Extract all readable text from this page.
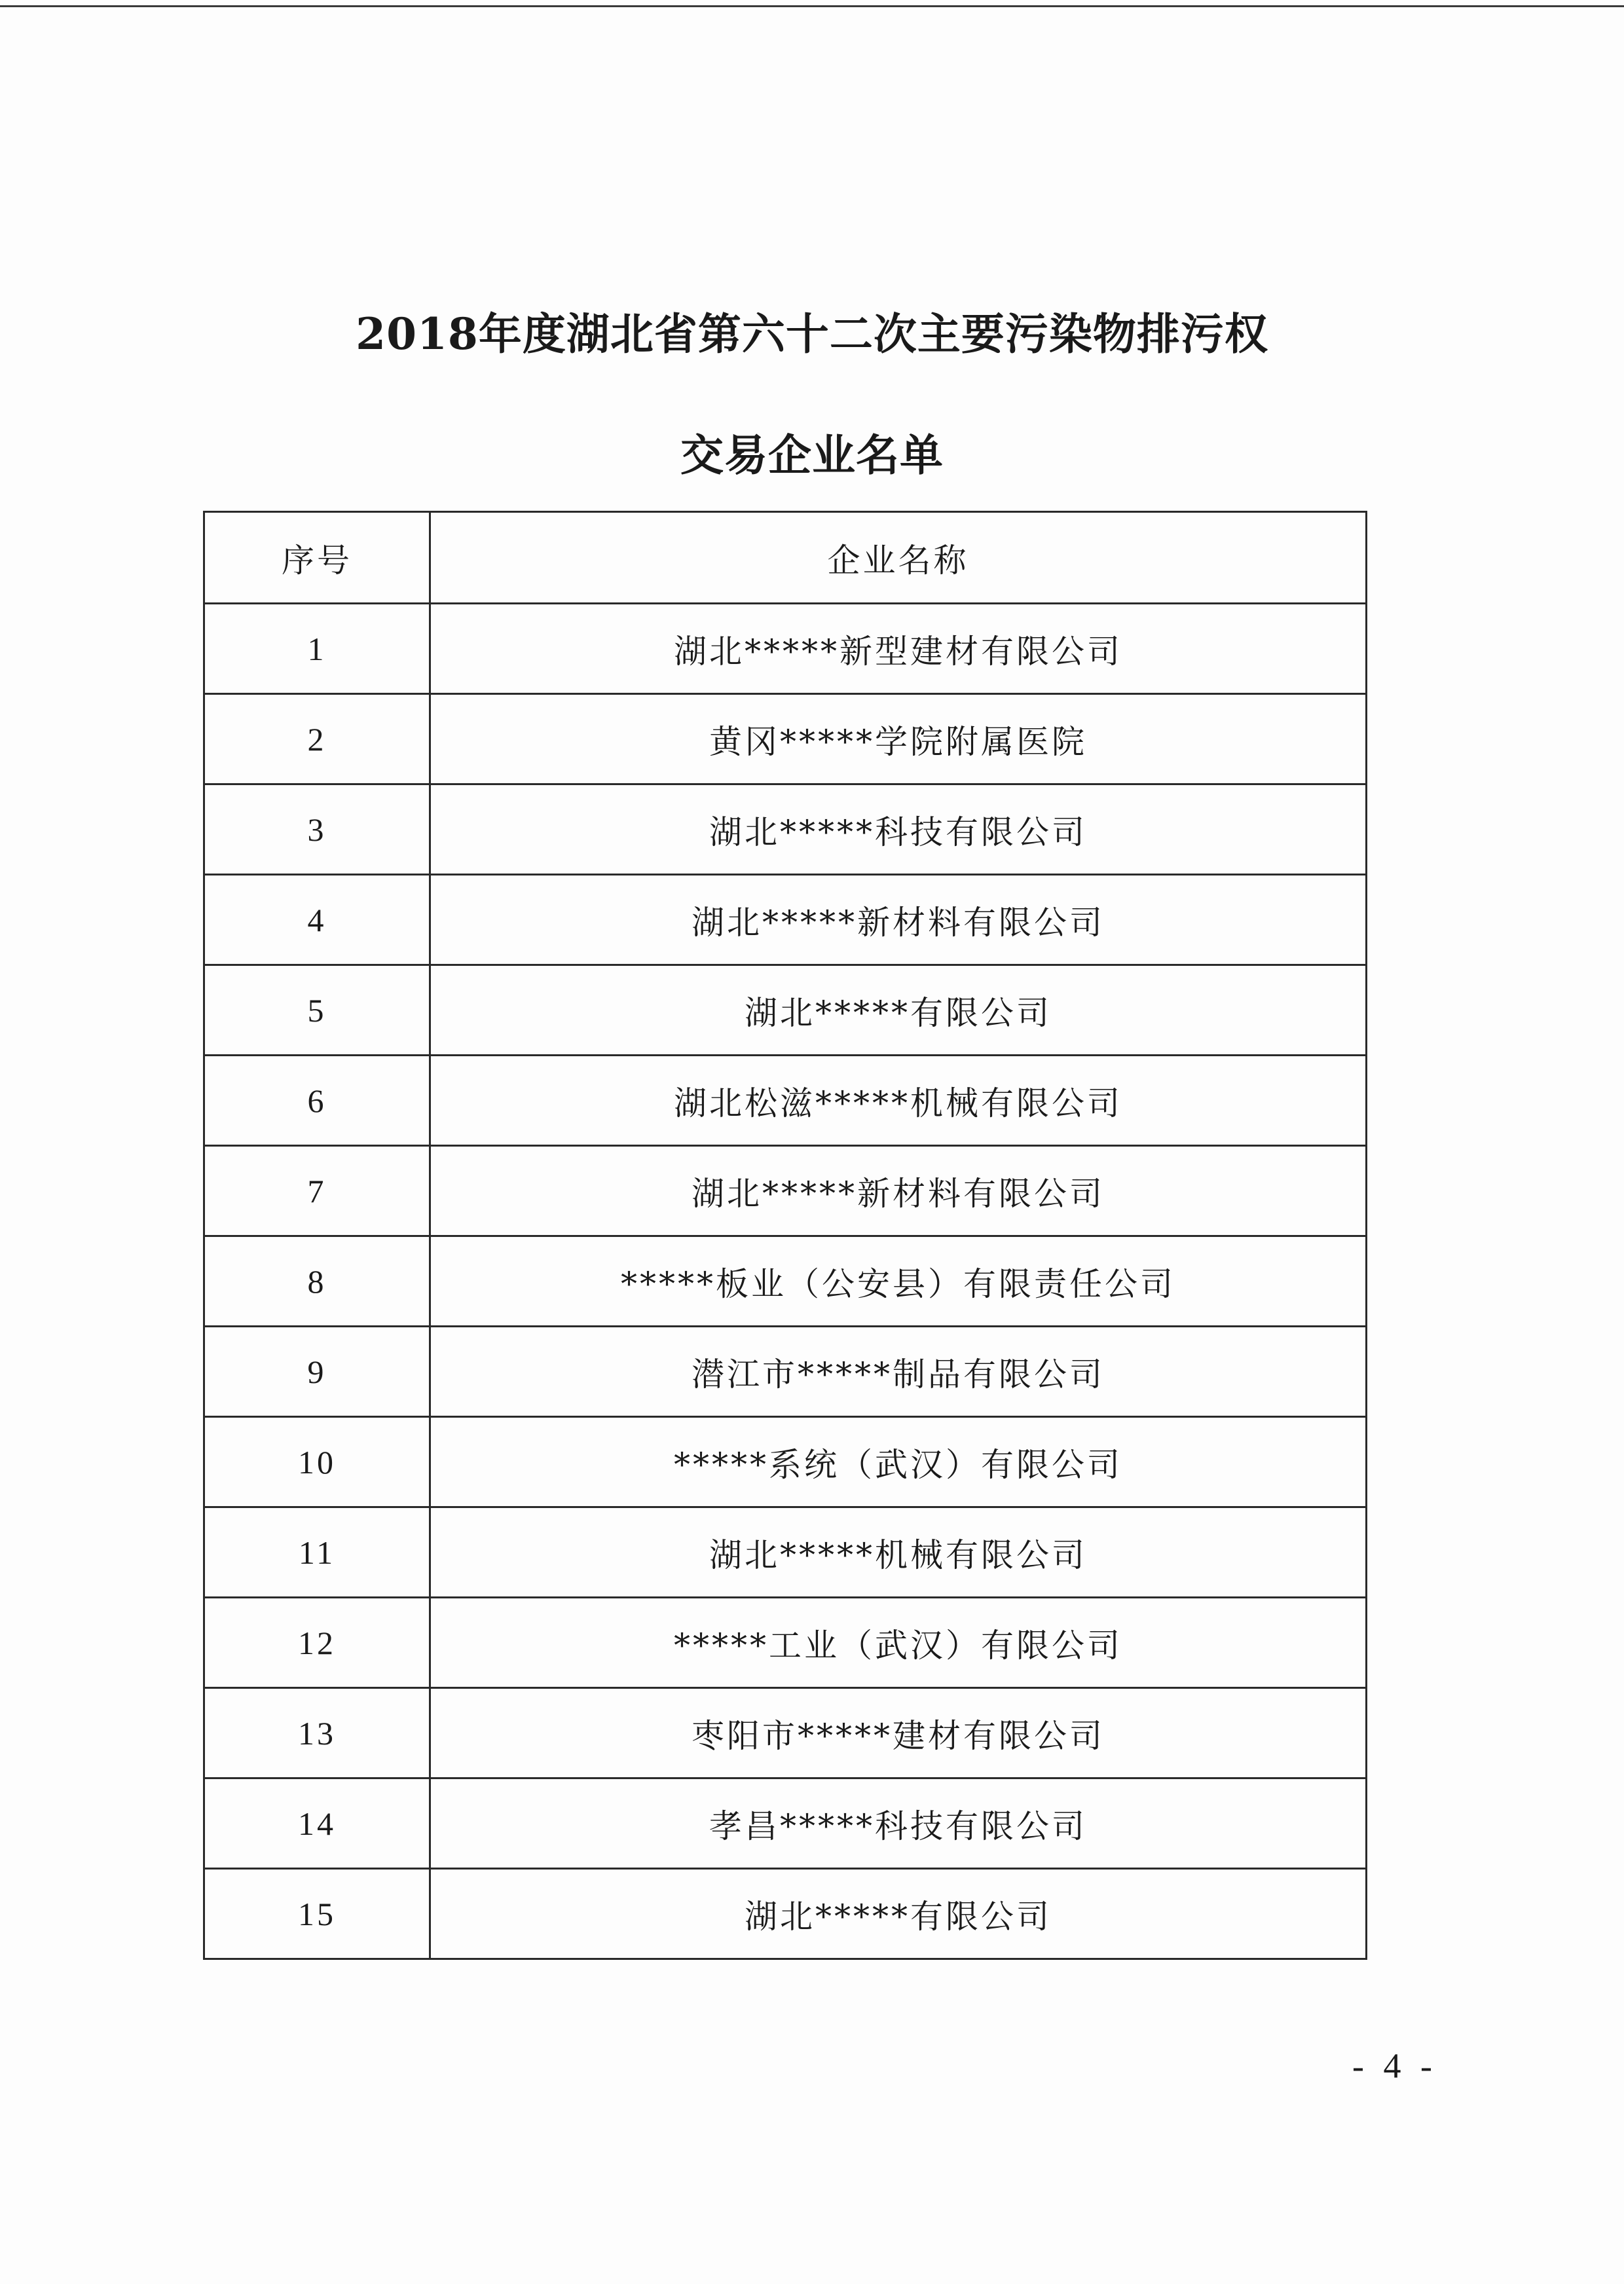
2018年度湖北省第六十二次主要污染物排污权
交易企业名单
序号	企业名称
1	湖北*****新型建材有限公司
2	黄冈*****学院附属医院
3	湖北*****科技有限公司
4	湖北*****新材料有限公司
5	湖北*****有限公司
6	湖北松滋*****机械有限公司
7	湖北*****新材料有限公司
8	*****板业（公安县）有限责任公司
9	潜江市*****制品有限公司
10	*****系统（武汉）有限公司
11	湖北*****机械有限公司
12	*****工业（武汉）有限公司
13	枣阳市*****建材有限公司
14	孝昌*****科技有限公司
15	湖北*****有限公司
- 4 -
